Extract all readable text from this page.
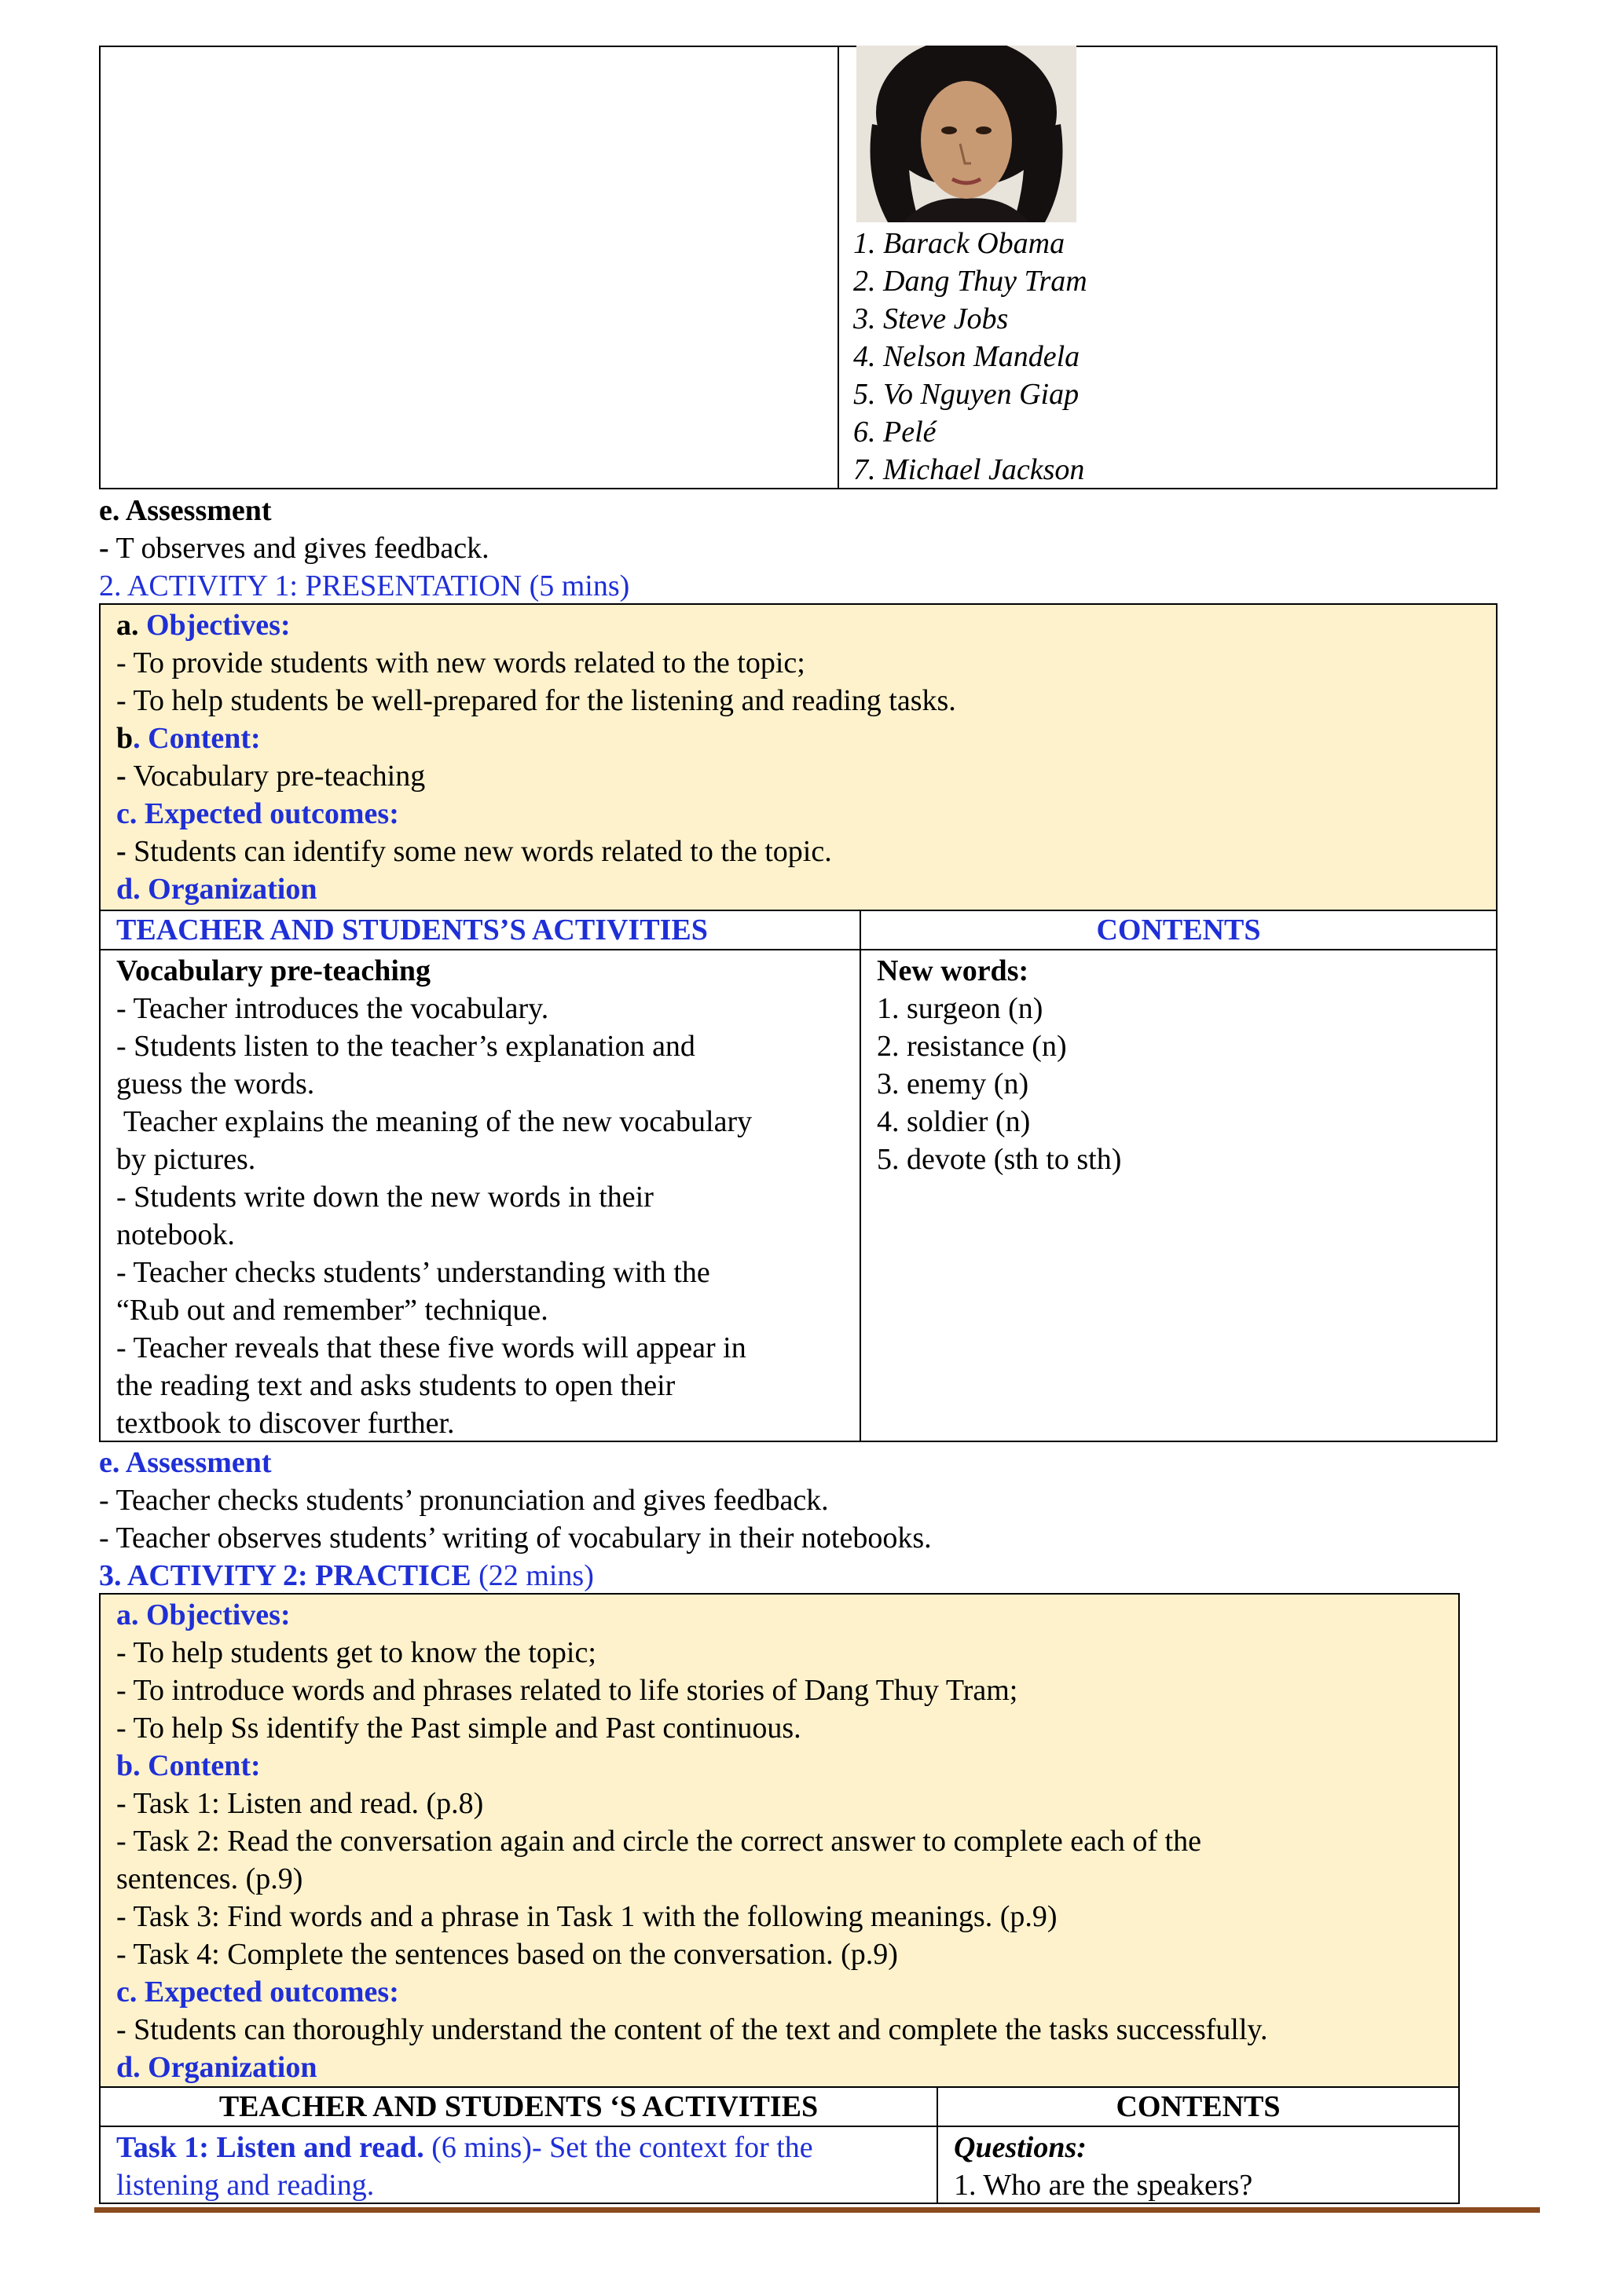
1. Barack Obama
2. Dang Thuy Tram
3. Steve Jobs
4. Nelson Mandela
5. Vo Nguyen Giap
6. Pelé
7. Michael Jackson
e. Assessment
- T observes and gives feedback.
2. ACTIVITY 1: PRESENTATION (5 mins)
a. Objectives:
- To provide students with new words related to the topic;
- To help students be well-prepared for the listening and reading tasks.
b. Content:
- Vocabulary pre-teaching
c. Expected outcomes:
- Students can identify some new words related to the topic.
d. Organization
TEACHER AND STUDENTS’S ACTIVITIES	CONTENTS
Vocabulary pre-teaching
- Teacher introduces the vocabulary.
- Students listen to the teacher’s explanation and
guess the words.
Teacher explains the meaning of the new vocabulary
by pictures.
- Students write down the new words in their
notebook.
- Teacher checks students’ understanding with the
“Rub out and remember” technique.
- Teacher reveals that these five words will appear in
the reading text and asks students to open their
textbook to discover further.
New words:
1. surgeon (n)
2. resistance (n)
3. enemy (n)
4. soldier (n)
5. devote (sth to sth)
e. Assessment
- Teacher checks students’ pronunciation and gives feedback.
- Teacher observes students’ writing of vocabulary in their notebooks.
3. ACTIVITY 2: PRACTICE (22 mins)
a. Objectives:
- To help students get to know the topic;
- To introduce words and phrases related to life stories of Dang Thuy Tram;
- To help Ss identify the Past simple and Past continuous.
b. Content:
- Task 1: Listen and read. (p.8)
- Task 2: Read the conversation again and circle the correct answer to complete each of the
sentences. (p.9)
- Task 3: Find words and a phrase in Task 1 with the following meanings. (p.9)
- Task 4: Complete the sentences based on the conversation. (p.9)
c. Expected outcomes:
- Students can thoroughly understand the content of the text and complete the tasks successfully.
d. Organization
TEACHER AND STUDENTS ‘S ACTIVITIES	CONTENTS
Task 1: Listen and read. (6 mins)- Set the context for the
listening and reading.
Questions:
1. Who are the speakers?
